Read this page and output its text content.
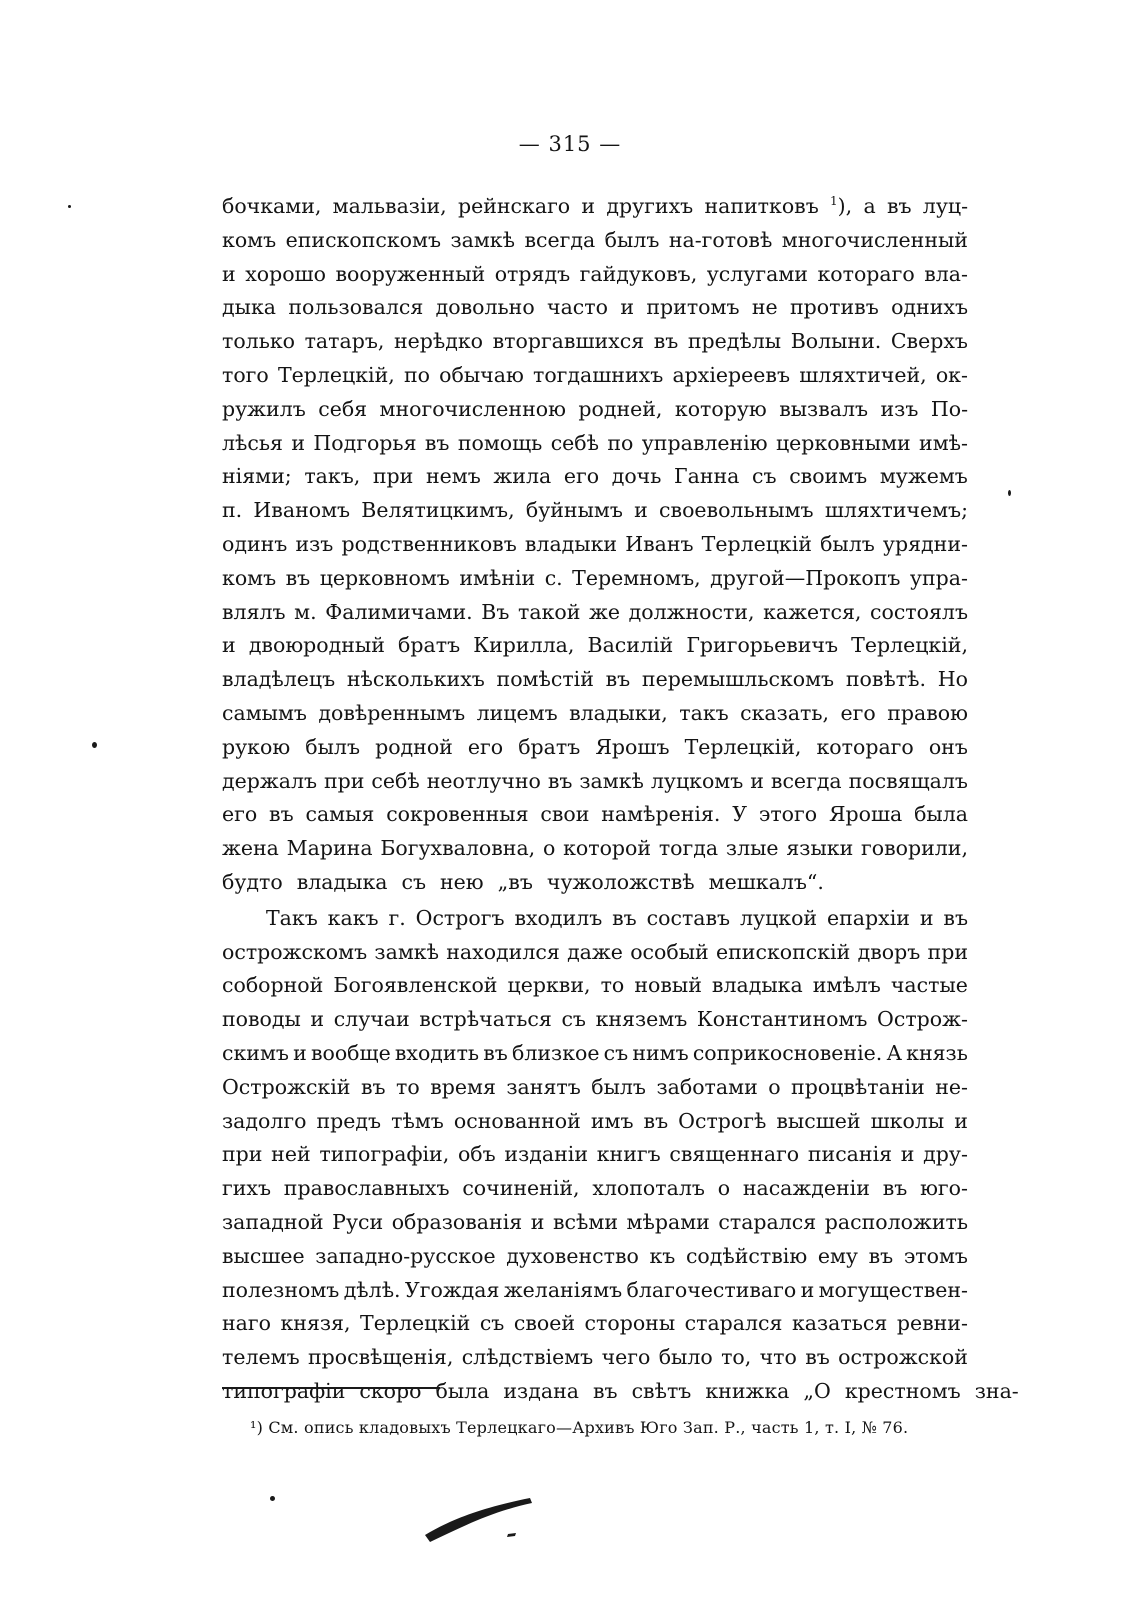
— 315 —
бочками, мальвазіи, рейнскаго и другихъ напитковъ $^1$), а въ луц-
комъ епископскомъ замкѣ всегда былъ на-готовѣ многочисленный
и хорошо вооруженный отрядъ гайдуковъ, услугами котораго вла-
дыка пользовался довольно часто и притомъ не противъ однихъ
только татаръ, нерѣдко вторгавшихся въ предѣлы Волыни. Сверхъ
того Терлецкій, по обычаю тогдашнихъ архіереевъ шляхтичей, ок-
ружилъ себя многочисленною родней, которую вызвалъ изъ По-
лѣсья и Подгорья въ помощь себѣ по управленію церковными имѣ-
ніями; такъ, при немъ жила его дочь Ганна съ своимъ мужемъ
п. Иваномъ Велятицкимъ, буйнымъ и своевольнымъ шляхтичемъ;
одинъ изъ родственниковъ владыки Иванъ Терлецкій былъ урядни-
комъ въ церковномъ имѣніи с. Теремномъ, другой—Прокопъ упра-
влялъ м. Фалимичами. Въ такой же должности, кажется, состоялъ
и двоюродный братъ Кирилла, Василій Григорьевичъ Терлецкій,
владѣлецъ нѣсколькихъ помѣстій въ перемышльскомъ повѣтѣ. Но
самымъ довѣреннымъ лицемъ владыки, такъ сказать, его правою
рукою былъ родной его братъ Ярошъ Терлецкій, котораго онъ
держалъ при себѣ неотлучно въ замкѣ луцкомъ и всегда посвящалъ
его въ самыя сокровенныя свои намѣренія. У этого Яроша была
жена Марина Богухваловна, о которой тогда злые языки говорили,
будто владыка съ нею „въ чужоложствѣ мешкалъ“.
Такъ какъ г. Острогъ входилъ въ составъ луцкой епархіи и въ
острожскомъ замкѣ находился даже особый епископскій дворъ при
соборной Богоявленской церкви, то новый владыка имѣлъ частые
поводы и случаи встрѣчаться съ княземъ Константиномъ Острож-
скимъ и вообще входить въ близкое съ нимъ соприкосновеніе. А князь
Острожскій въ то время занятъ былъ заботами о процвѣтаніи не-
задолго предъ тѣмъ основанной имъ въ Острогѣ высшей школы и
при ней типографіи, объ изданіи книгъ священнаго писанія и дру-
гихъ православныхъ сочиненій, хлопоталъ о насажденіи въ юго-
западной Руси образованія и всѣми мѣрами старался расположить
высшее западно-русское духовенство къ содѣйствію ему въ этомъ
полезномъ дѣлѣ. Угождая желаніямъ благочестиваго и могуществен-
наго князя, Терлецкій съ своей стороны старался казаться ревни-
телемъ просвѣщенія, слѣдствіемъ чего было то, что въ острожской
типографіи скоро была издана въ свѣтъ книжка „О крестномъ зна-
¹) См. опись кладовыхъ Терлецкаго—Архивъ Юго Зап. Р., часть 1, т. I, № 76.
